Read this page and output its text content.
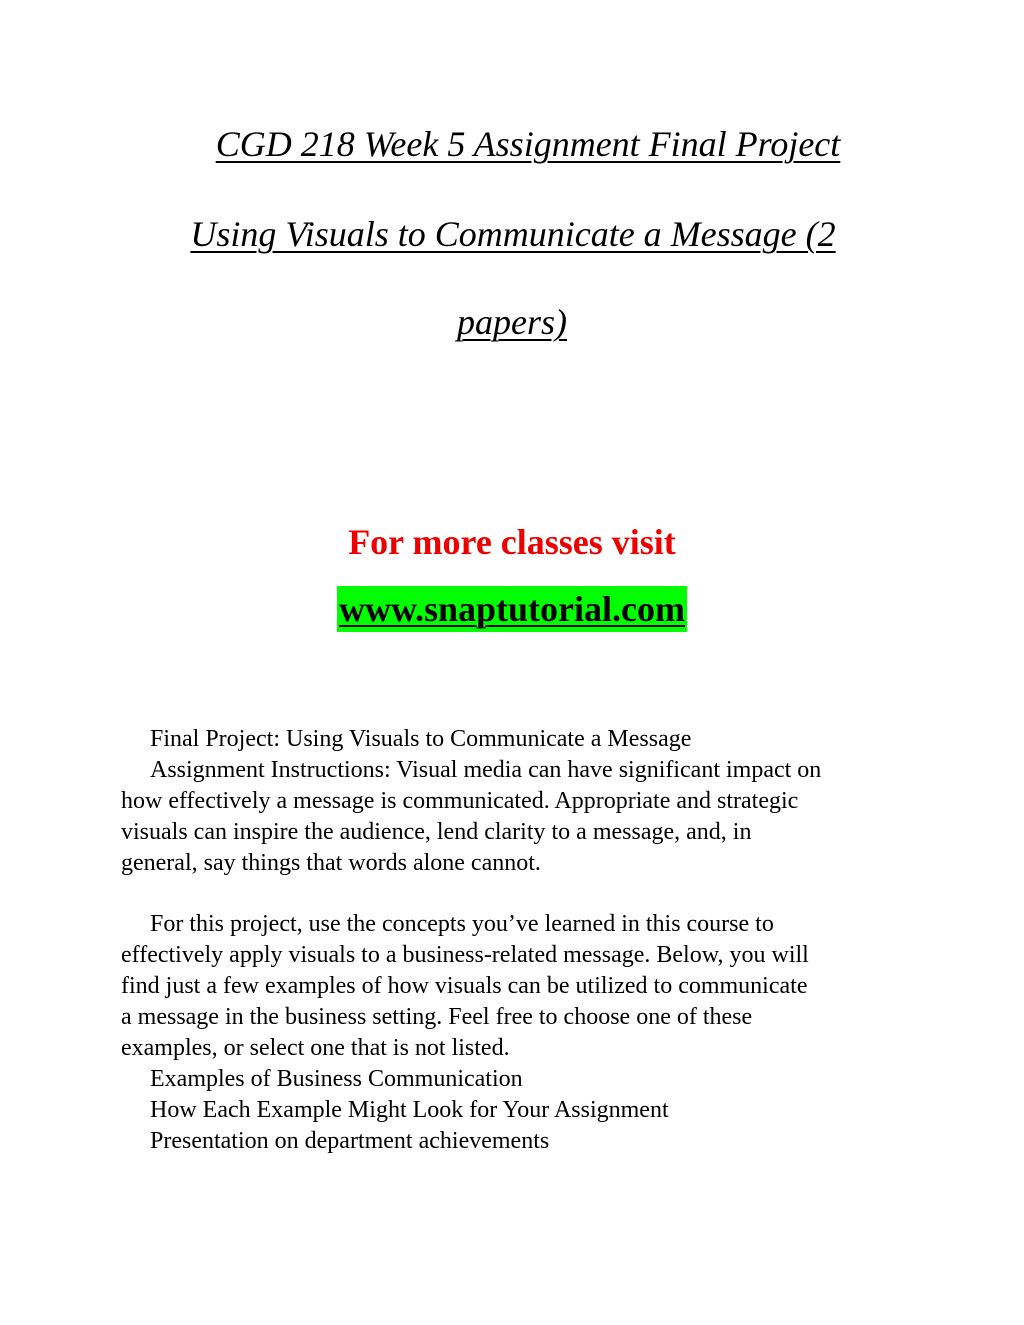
CGD 218 Week 5 Assignment Final Project
Using Visuals to Communicate a Message (2
papers)
For more classes visit
www.snaptutorial.com
Final Project: Using Visuals to Communicate a Message
Assignment Instructions: Visual media can have significant impact on
how effectively a message is communicated. Appropriate and strategic
visuals can inspire the audience, lend clarity to a message, and, in
general, say things that words alone cannot.
For this project, use the concepts you’ve learned in this course to
effectively apply visuals to a business-related message. Below, you will
find just a few examples of how visuals can be utilized to communicate
a message in the business setting. Feel free to choose one of these
examples, or select one that is not listed.
Examples of Business Communication
How Each Example Might Look for Your Assignment
Presentation on department achievements
